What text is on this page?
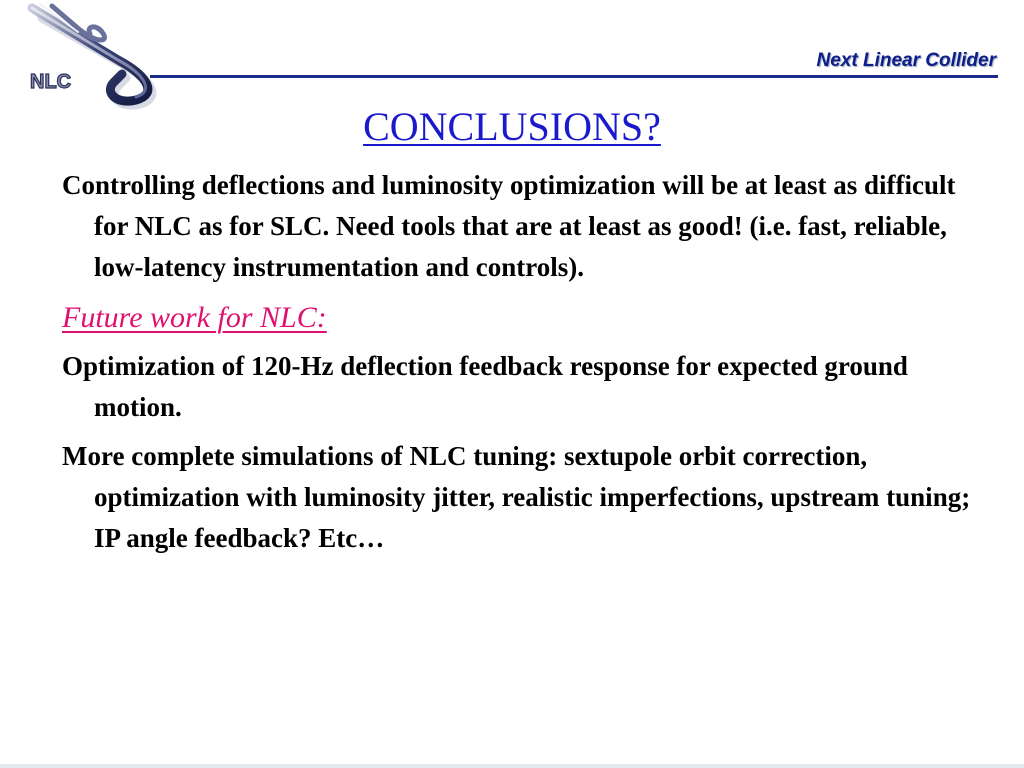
NLC
Next Linear Collider
CONCLUSIONS?

Controlling deflections and luminosity optimization will be at least as difficult for NLC as for SLC. Need tools that are at least as good! (i.e. fast, reliable, low-latency instrumentation and controls).

Future work for NLC:

Optimization of 120-Hz deflection feedback response for expected ground motion.

More complete simulations of NLC tuning: sextupole orbit correction, optimization with luminosity jitter, realistic imperfections, upstream tuning; IP angle feedback? Etc…
